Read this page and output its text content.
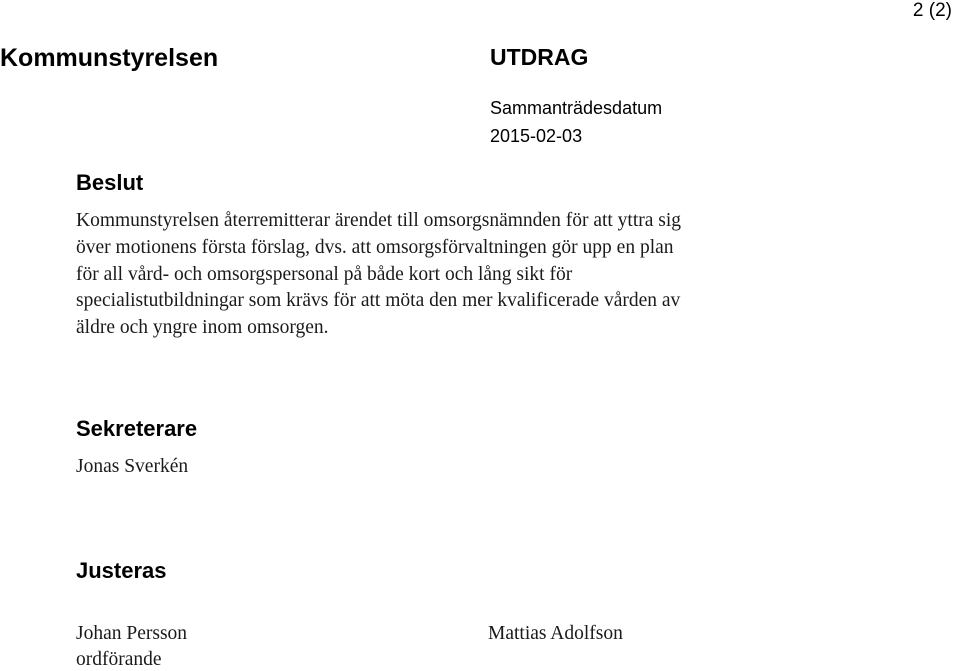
2 (2)
Kommunstyrelsen	UTDRAG
Sammanträdesdatum
2015-02-03
Beslut
Kommunstyrelsen återremitterar ärendet till omsorgsnämnden för att yttra sig
över motionens första förslag, dvs. att omsorgsförvaltningen gör upp en plan
för all vård- och omsorgspersonal på både kort och lång sikt för
specialistutbildningar som krävs för att möta den mer kvalificerade vården av
äldre och yngre inom omsorgen.
Sekreterare
Jonas Sverkén
Justeras
Johan Persson
ordförande
Mattias Adolfson
